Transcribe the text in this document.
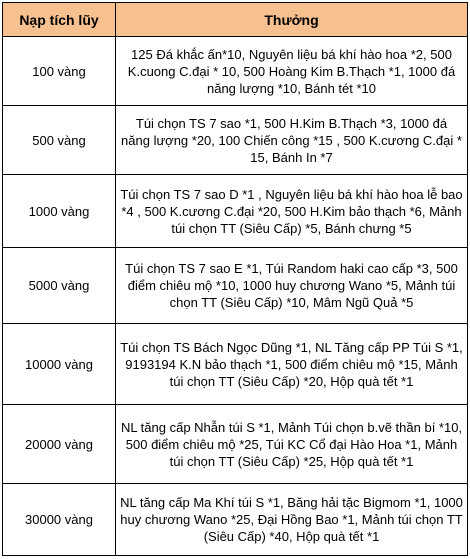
Nạp tích lũy	Thưởng
100 vàng	125 Đá khắc ấn*10, Nguyên liệu bá khí hào hoa *2, 500 K.cuong C.đại * 10, 500 Hoàng Kim B.Thạch *1, 1000 đá năng lượng *10, Bánh tét *10
500 vàng	Túi chọn TS 7 sao *1, 500 H.Kim B.Thạch *3, 1000 đá năng lượng *20, 100 Chiến công *15 , 500 K.cương C.đại * 15, Bánh In *7
1000 vàng	Túi chọn TS 7 sao D *1 , Nguyên liệu bá khí hào hoa lễ bao *4 , 500 K.cương C.đại *20, 500 H.Kim bảo thạch *6, Mảnh túi chọn TT (Siêu Cấp) *5, Bánh chưng *5
5000 vàng	Túi chọn TS 7 sao E *1, Túi Random haki cao cấp *3, 500 điểm chiêu mộ *10, 1000 huy chương Wano *5, Mảnh túi chọn TT (Siêu Cấp) *10, Mâm Ngũ Quả *5
10000 vàng	Túi chọn TS Bách Ngọc Dũng *1, NL Tăng cấp PP Túi S *1, 9193194 K.N bảo thạch *1, 500 điểm chiêu mộ *15, Mảnh túi chọn TT (Siêu Cấp) *20, Hộp quà tết *1
20000 vàng	NL tăng cấp Nhẫn túi S *1, Mảnh Túi chọn b.vẽ thần bí *10, 500 điểm chiêu mộ *25, Túi KC Cổ đại Hào Hoa *1, Mảnh túi chọn TT (Siêu Cấp) *25, Hộp quà tết *1
30000 vàng	NL tăng cấp Ma Khí túi S *1, Băng hải tặc Bigmom *1, 1000 huy chương Wano *25, Đại Hồng Bao *1, Mảnh túi chọn TT (Siêu Cấp) *40, Hộp quà tết *1
